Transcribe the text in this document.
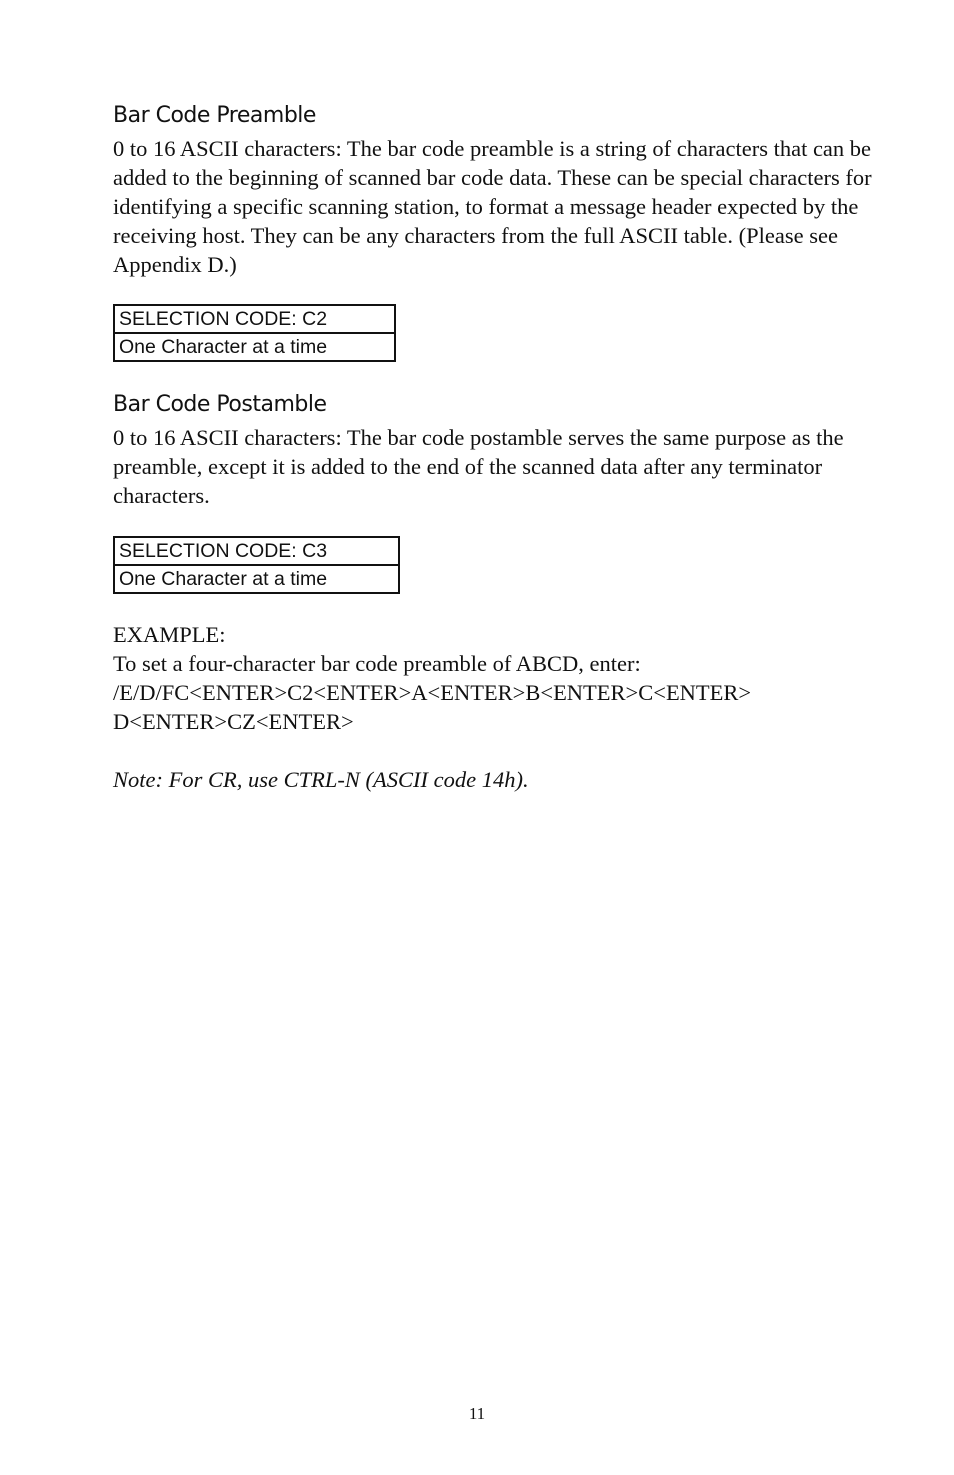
Bar Code Preamble

0 to 16 ASCII characters: The bar code preamble is a string of characters that can be added to the beginning of scanned bar code data. These can be special characters for identifying a specific scanning station, to format a message header expected by the receiving host. They can be any characters from the full ASCII table. (Please see Appendix D.)

SELECTION CODE: C2
One Character at a time
Bar Code Postamble

0 to 16 ASCII characters: The bar code postamble serves the same purpose as the preamble, except it is added to the end of the scanned data after any terminator characters.

SELECTION CODE: C3
One Character at a time

EXAMPLE:

To set a four-character bar code preamble of ABCD, enter:

/E/D/FC<ENTER>C2<ENTER>A<ENTER>B<ENTER>C<ENTER>

D<ENTER>CZ<ENTER>

Note: For CR, use CTRL-N (ASCII code 14h).

11
